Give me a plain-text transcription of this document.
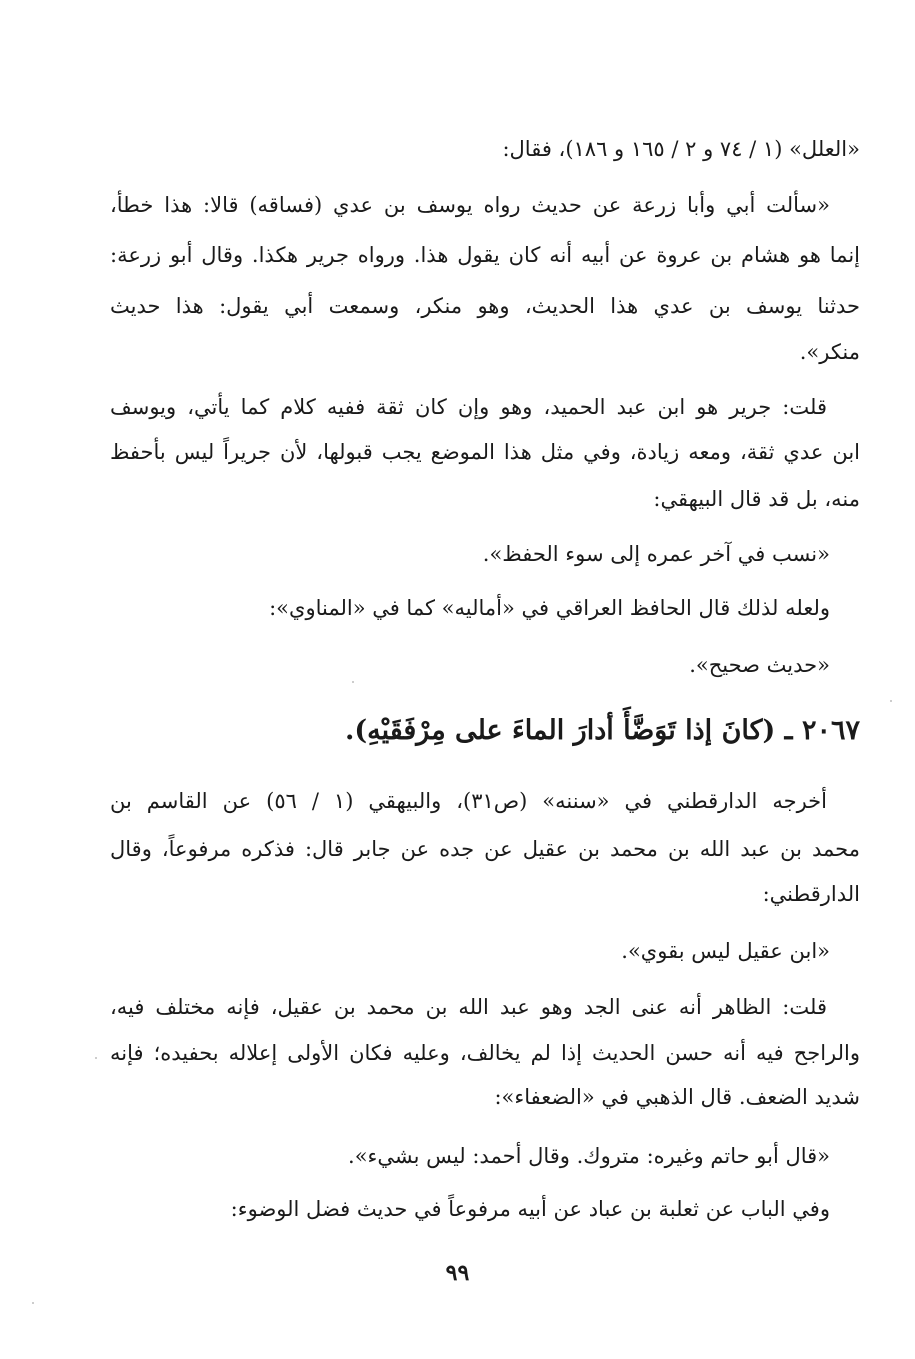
«العلل» (١ / ٧٤ و ٢ / ١٦٥ و ١٨٦)، فقال:
«سألت أبي وأبا زرعة عن حديث رواه يوسف بن عدي (فساقه) قالا: هذا خطأ،
إنما هو هشام بن عروة عن أبيه أنه كان يقول هذا. ورواه جرير هكذا. وقال أبو زرعة:
حدثنا يوسف بن عدي هذا الحديث، وهو منكر، وسمعت أبي يقول: هذا حديث
منكر».
قلت: جرير هو ابن عبد الحميد، وهو وإن كان ثقة ففيه كلام كما يأتي، ويوسف
ابن عدي ثقة، ومعه زيادة، وفي مثل هذا الموضع يجب قبولها، لأن جريراً ليس بأحفظ
منه، بل قد قال البيهقي:
«نسب في آخر عمره إلى سوء الحفظ».
ولعله لذلك قال الحافظ العراقي في «أماليه» كما في «المناوي»:
«حديث صحيح».
٢٠٦٧ ـ (كانَ إذا تَوَضَّأَ أدارَ الماءَ على مِرْفَقَيْهِ).
أخرجه الدارقطني في «سننه» (ص٣١)، والبيهقي (١ / ٥٦) عن القاسم بن
محمد بن عبد الله بن محمد بن عقيل عن جده عن جابر قال: فذكره مرفوعاً، وقال
الدارقطني:
«ابن عقيل ليس بقوي».
قلت: الظاهر أنه عنى الجد وهو عبد الله بن محمد بن عقيل، فإنه مختلف فيه،
والراجح فيه أنه حسن الحديث إذا لم يخالف، وعليه فكان الأولى إعلاله بحفيده؛ فإنه
شديد الضعف. قال الذهبي في «الضعفاء»:
«قال أبو حاتم وغيره: متروك. وقال أحمد: ليس بشيء».
وفي الباب عن ثعلبة بن عباد عن أبيه مرفوعاً في حديث فضل الوضوء:
٩٩
